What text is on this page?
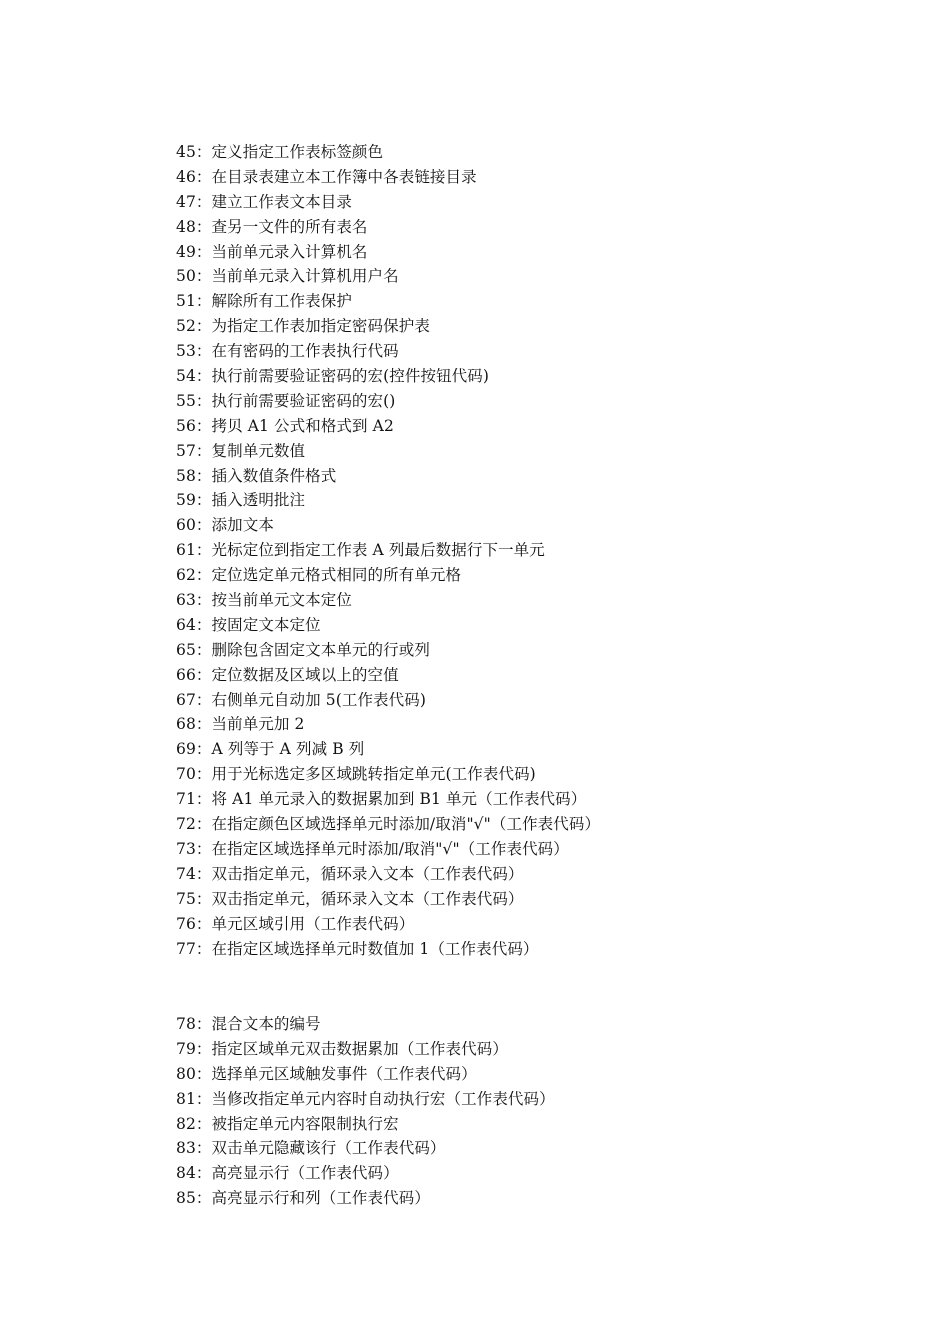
45：定义指定工作表标签颜色
46：在目录表建立本工作簿中各表链接目录
47：建立工作表文本目录
48：查另一文件的所有表名
49：当前单元录入计算机名
50：当前单元录入计算机用户名
51：解除所有工作表保护
52：为指定工作表加指定密码保护表
53：在有密码的工作表执行代码
54：执行前需要验证密码的宏(控件按钮代码)
55：执行前需要验证密码的宏()
56：拷贝 A1 公式和格式到 A2
57：复制单元数值
58：插入数值条件格式
59：插入透明批注
60：添加文本
61：光标定位到指定工作表 A 列最后数据行下一单元
62：定位选定单元格式相同的所有单元格
63：按当前单元文本定位
64：按固定文本定位
65：删除包含固定文本单元的行或列
66：定位数据及区域以上的空值
67：右侧单元自动加 5(工作表代码)
68：当前单元加 2
69：A 列等于 A 列减 B 列
70：用于光标选定多区域跳转指定单元(工作表代码)
71：将 A1 单元录入的数据累加到 B1 单元（工作表代码）
72：在指定颜色区域选择单元时添加/取消"√"（工作表代码）
73：在指定区域选择单元时添加/取消"√"（工作表代码）
74：双击指定单元，循环录入文本（工作表代码）
75：双击指定单元，循环录入文本（工作表代码）
76：单元区域引用（工作表代码）
77：在指定区域选择单元时数值加 1（工作表代码）
78：混合文本的编号
79：指定区域单元双击数据累加（工作表代码）
80：选择单元区域触发事件（工作表代码）
81：当修改指定单元内容时自动执行宏（工作表代码）
82：被指定单元内容限制执行宏
83：双击单元隐藏该行（工作表代码）
84：高亮显示行（工作表代码）
85：高亮显示行和列（工作表代码）
